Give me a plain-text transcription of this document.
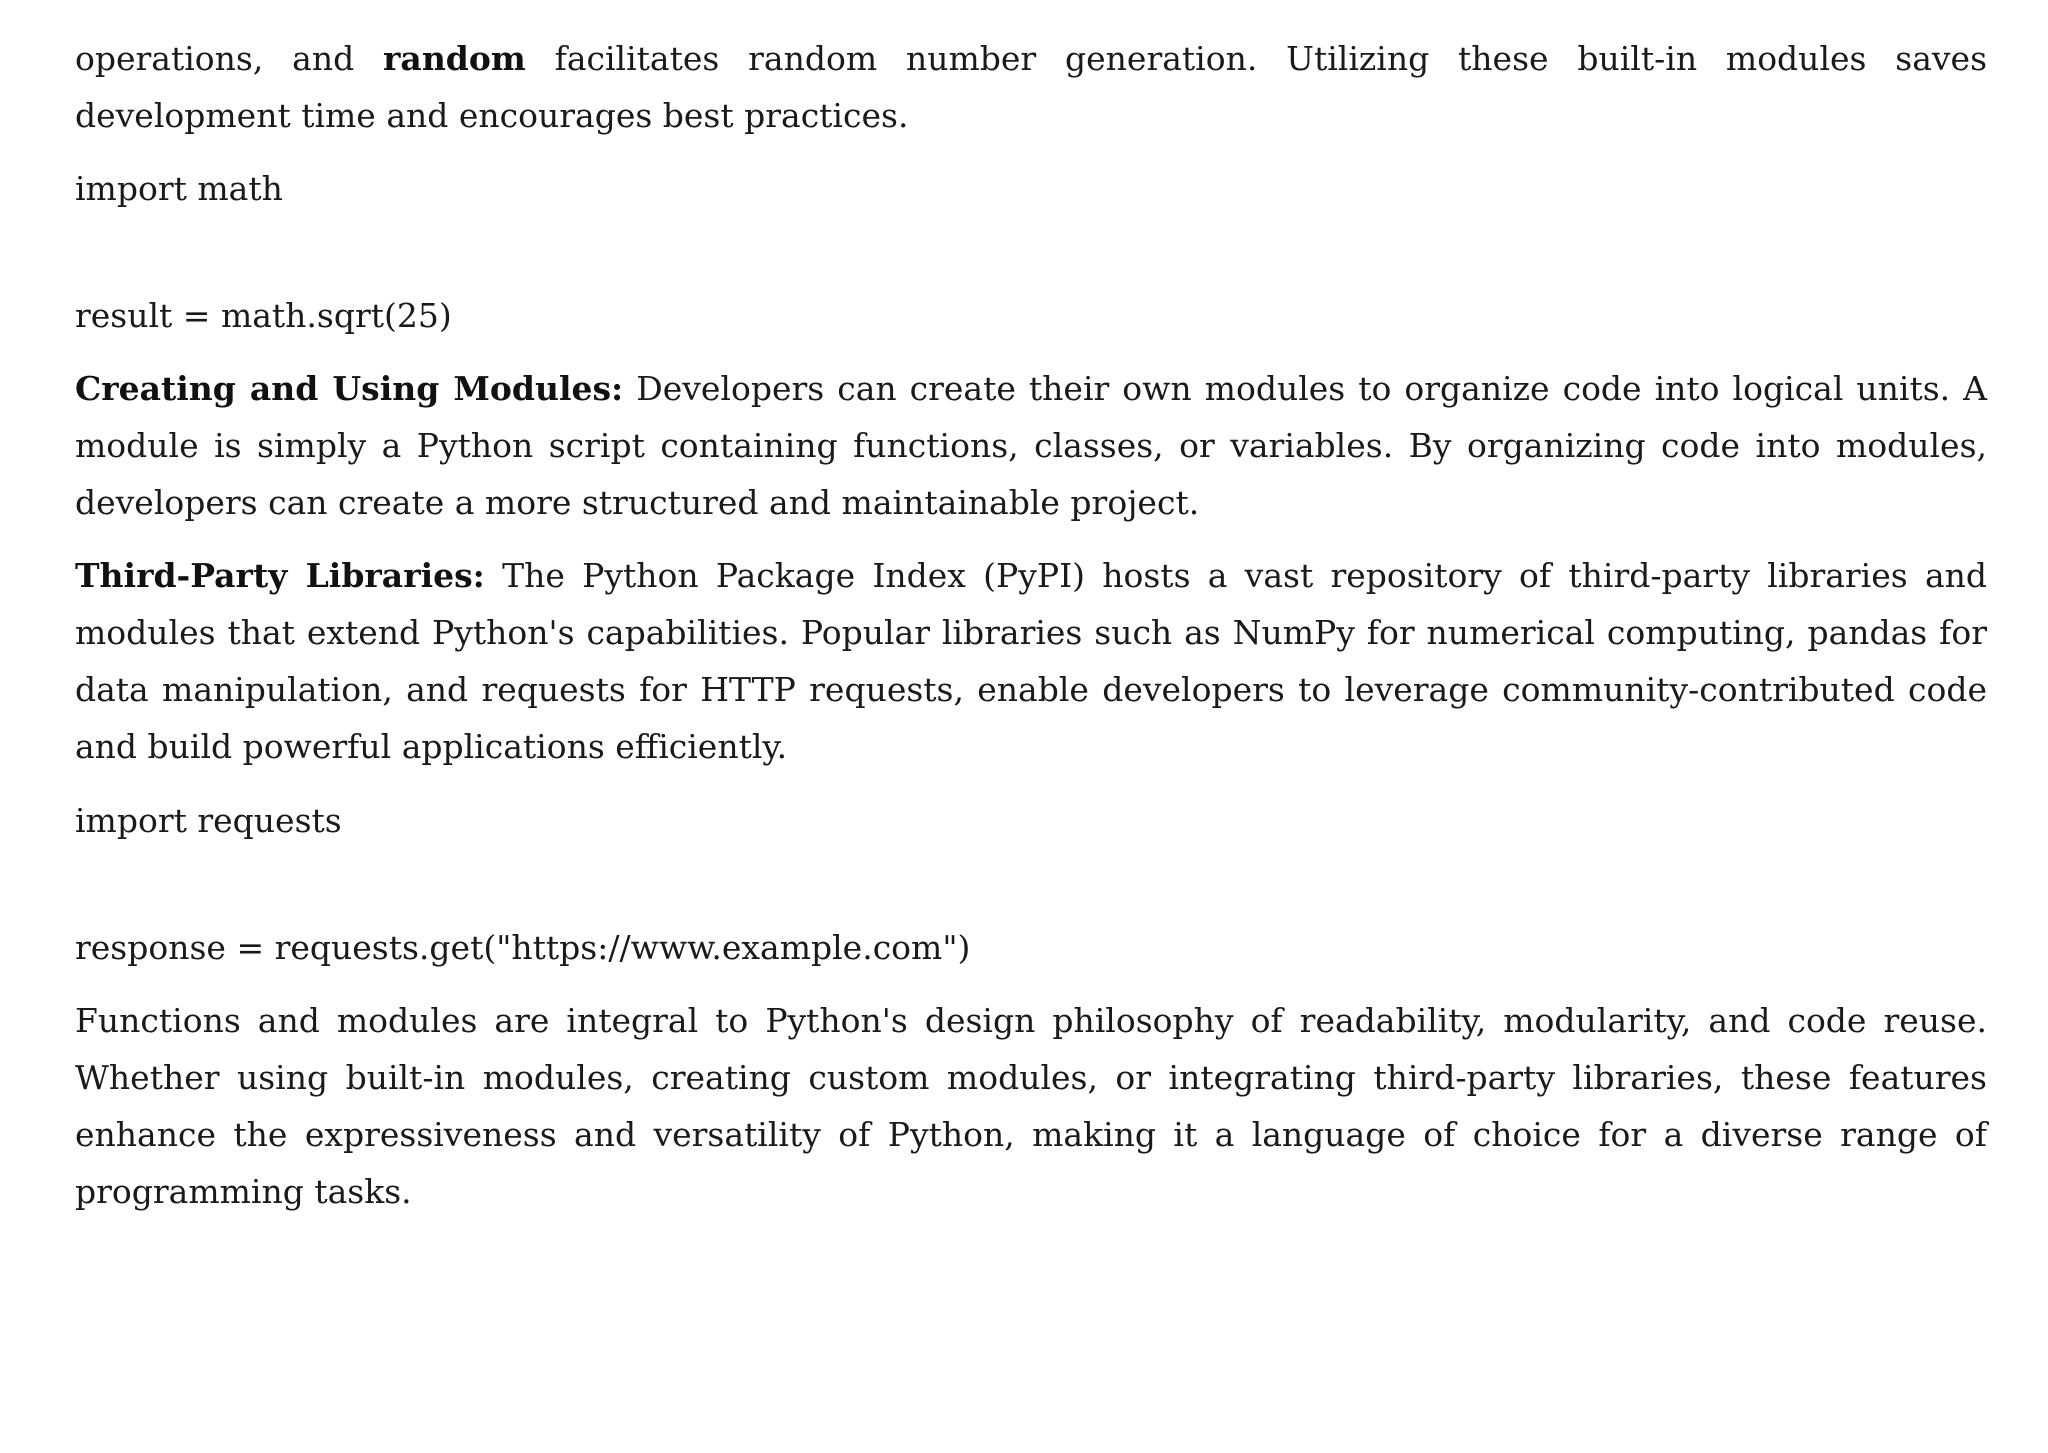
operations, and random facilitates random number generation. Utilizing these built-in modules saves development time and encourages best practices.

import math

result = math.sqrt(25)

Creating and Using Modules: Developers can create their own modules to organize code into logical units. A module is simply a Python script containing functions, classes, or variables. By organizing code into modules, developers can create a more structured and maintainable project.

Third-Party Libraries: The Python Package Index (PyPI) hosts a vast repository of third-party libraries and modules that extend Python's capabilities. Popular libraries such as NumPy for numerical computing, pandas for data manipulation, and requests for HTTP requests, enable developers to leverage community-contributed code and build powerful applications efficiently.

import requests

response = requests.get("https://www.example.com")

Functions and modules are integral to Python's design philosophy of readability, modularity, and code reuse. Whether using built-in modules, creating custom modules, or integrating third-party libraries, these features enhance the expressiveness and versatility of Python, making it a language of choice for a diverse range of programming tasks.
